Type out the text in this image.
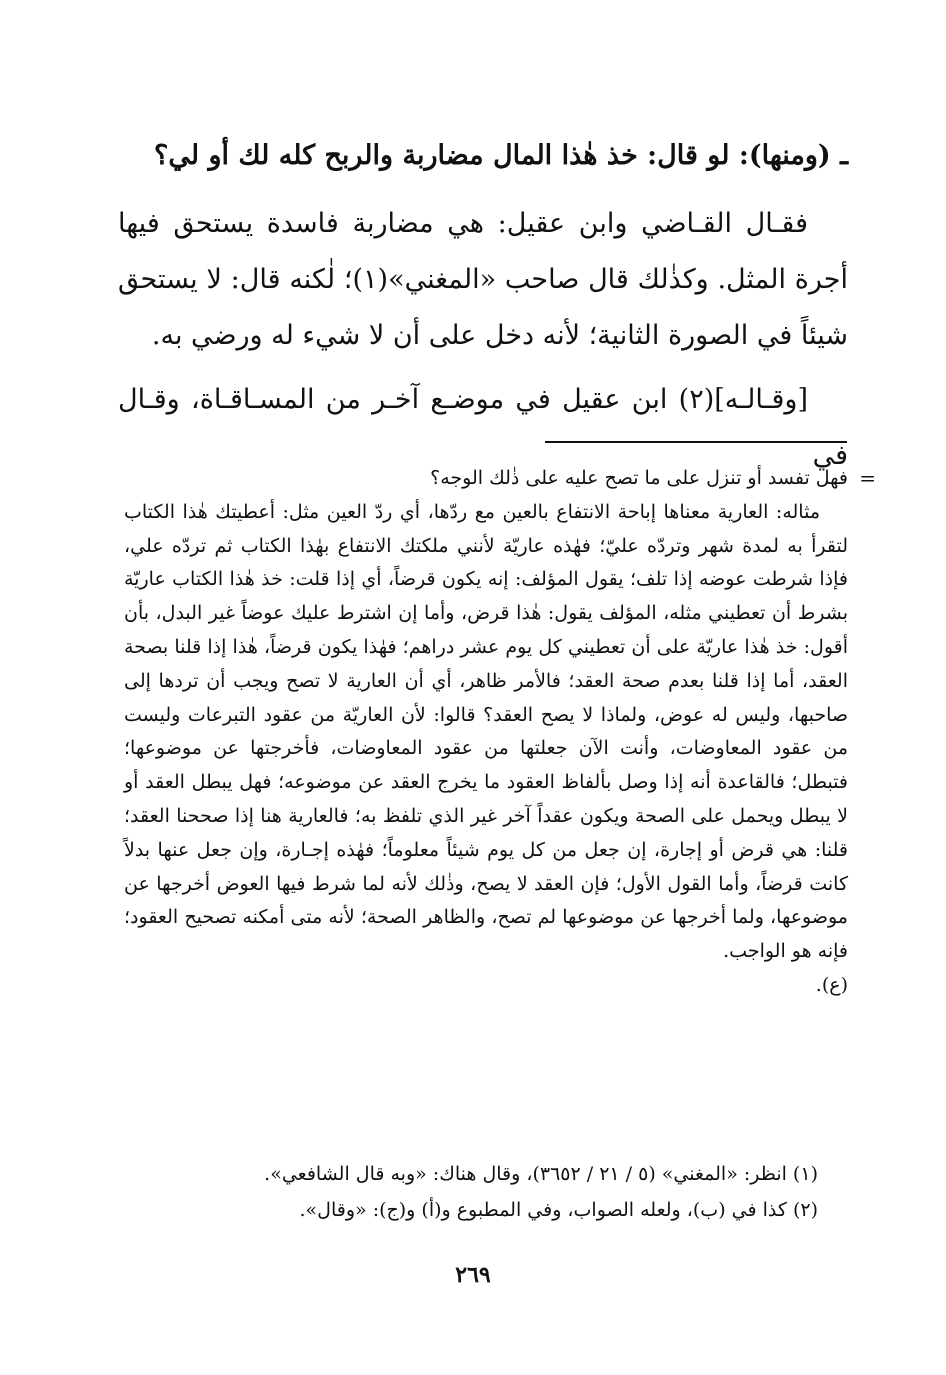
ـ (ومنها): لو قال: خذ هٰذا المال مضاربة والربح كله لك أو لي؟

فقـال القـاضي وابن عقيل: هي مضاربة فاسدة يستحق فيها أجرة المثل. وكذٰلك قال صاحب «المغني»(١)؛ لٰكنه قال: لا يستحق شيئاً في الصورة الثانية؛ لأنه دخل على أن لا شيء له ورضي به.

[وقـالـه](٢) ابن عقيل في موضـع آخـر من المسـاقـاة، وقـال في

=
فهل تفسد أو تنزل على ما تصح عليه على ذٰلك الوجه؟

مثاله: العارية معناها إباحة الانتفاع بالعين مع ردّها، أي ردّ العين مثل: أعطيتك هٰذا الكتاب لتقرأ به لمدة شهر وتردّه عليّ؛ فهٰذه عاريّة لأنني ملكتك الانتفاع بهٰذا الكتاب ثم تردّه علي، فإذا شرطت عوضه إذا تلف؛ يقول المؤلف: إنه يكون قرضاً، أي إذا قلت: خذ هٰذا الكتاب عاريّة بشرط أن تعطيني مثله، المؤلف يقول: هٰذا قرض، وأما إن اشترط عليك عوضاً غير البدل، بأن أقول: خذ هٰذا عاريّة على أن تعطيني كل يوم عشر دراهم؛ فهٰذا يكون قرضاً، هٰذا إذا قلنا بصحة العقد، أما إذا قلنا بعدم صحة العقد؛ فالأمر ظاهر، أي أن العارية لا تصح ويجب أن تردها إلى صاحبها، وليس له عوض، ولماذا لا يصح العقد؟ قالوا: لأن العاريّة من عقود التبرعات وليست من عقود المعاوضات، وأنت الآن جعلتها من عقود المعاوضات، فأخرجتها عن موضوعها؛ فتبطل؛ فالقاعدة أنه إذا وصل بألفاظ العقود ما يخرج العقد عن موضوعه؛ فهل يبطل العقد أو لا يبطل ويحمل على الصحة ويكون عقداً آخر غير الذي تلفظ به؛ فالعارية هنا إذا صححنا العقد؛ قلنا: هي قرض أو إجارة، إن جعل من كل يوم شيئاً معلوماً؛ فهٰذه إجـارة، وإن جعل عنها بدلاً كانت قرضاً، وأما القول الأول؛ فإن العقد لا يصح، وذٰلك لأنه لما شرط فيها العوض أخرجها عن موضوعها، ولما أخرجها عن موضوعها لم تصح، والظاهر الصحة؛ لأنه متى أمكنه تصحيح العقود؛ فإنه هو الواجب.

(ع).

(١) انظر: «المغني» (٥ / ٢١ / ٣٦٥٢)، وقال هناك: «وبه قال الشافعي».

(٢) كذا في (ب)، ولعله الصواب، وفي المطبوع و(أ) و(ج): «وقال».

٢٦٩
